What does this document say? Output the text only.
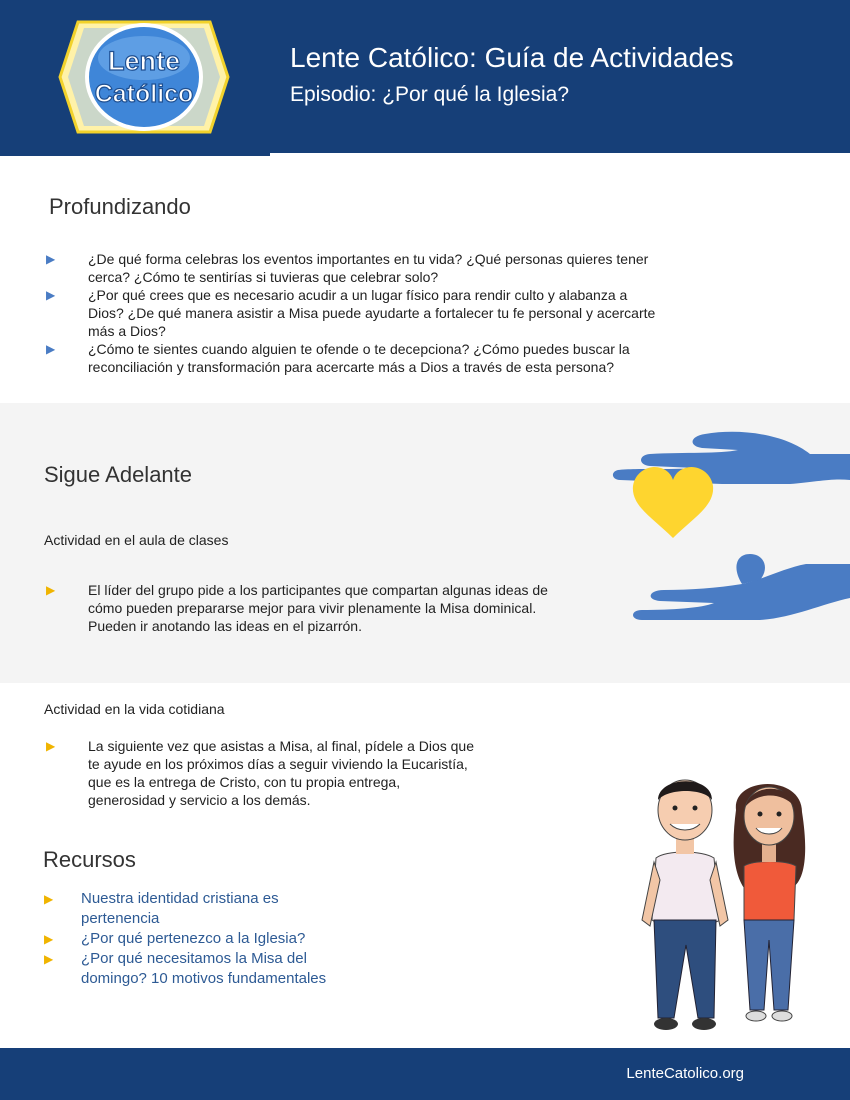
Lente
Católico
Lente Católico: Guía de Actividades
Episodio: ¿Por qué la Iglesia?
Profundizando
▶ ¿De qué forma celebras los eventos importantes en tu vida? ¿Qué personas quieres tener cerca? ¿Cómo te sentirías si tuvieras que celebrar solo?
▶ ¿Por qué crees que es necesario acudir a un lugar físico para rendir culto y alabanza a Dios? ¿De qué manera asistir a Misa puede ayudarte a fortalecer tu fe personal y acercarte más a Dios?
▶ ¿Cómo te sientes cuando alguien te ofende o te decepciona? ¿Cómo puedes buscar la reconciliación y transformación para acercarte más a Dios a través de esta persona?
Sigue Adelante
Actividad en el aula de clases
▶ El líder del grupo pide a los participantes que compartan algunas ideas de cómo pueden prepararse mejor para vivir plenamente la Misa dominical. Pueden ir anotando las ideas en el pizarrón.
Actividad en la vida cotidiana
▶ La siguiente vez que asistas a Misa, al final, pídele a Dios que te ayude en los próximos días a seguir viviendo la Eucaristía, que es la entrega de Cristo, con tu propia entrega, generosidad y servicio a los demás.
Recursos
▶ Nuestra identidad cristiana es pertenencia
▶ ¿Por qué pertenezco a la Iglesia?
▶ ¿Por qué necesitamos la Misa del domingo? 10 motivos fundamentales
LenteCatolico.org
